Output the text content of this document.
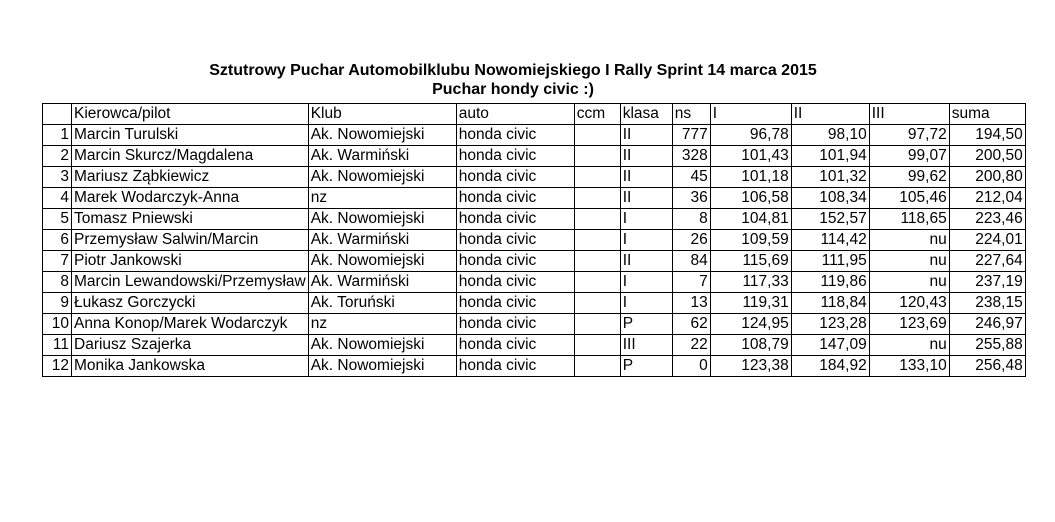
Sztutrowy Puchar Automobilklubu Nowomiejskiego I Rally Sprint 14 marca 2015
Puchar hondy civic :)
	Kierowca/pilot	Klub	auto	ccm	klasa	ns	I	II	III	suma
1	Marcin Turulski	Ak. Nowomiejski	honda civic		II	777	96,78	98,10	97,72	194,50
2	Marcin Skurcz/Magdalena	Ak. Warmiński	honda civic		II	328	101,43	101,94	99,07	200,50
3	Mariusz Ząbkiewicz	Ak. Nowomiejski	honda civic		II	45	101,18	101,32	99,62	200,80
4	Marek Wodarczyk-Anna	nz	honda civic		II	36	106,58	108,34	105,46	212,04
5	Tomasz Pniewski	Ak. Nowomiejski	honda civic		I	8	104,81	152,57	118,65	223,46
6	Przemysław Salwin/Marcin	Ak. Warmiński	honda civic		I	26	109,59	114,42	nu	224,01
7	Piotr Jankowski	Ak. Nowomiejski	honda civic		II	84	115,69	111,95	nu	227,64
8	Marcin Lewandowski/Przemysław	Ak. Warmiński	honda civic		I	7	117,33	119,86	nu	237,19
9	Łukasz Gorczycki	Ak. Toruński	honda civic		I	13	119,31	118,84	120,43	238,15
10	Anna Konop/Marek Wodarczyk	nz	honda civic		P	62	124,95	123,28	123,69	246,97
11	Dariusz Szajerka	Ak. Nowomiejski	honda civic		III	22	108,79	147,09	nu	255,88
12	Monika Jankowska	Ak. Nowomiejski	honda civic		P	0	123,38	184,92	133,10	256,48
